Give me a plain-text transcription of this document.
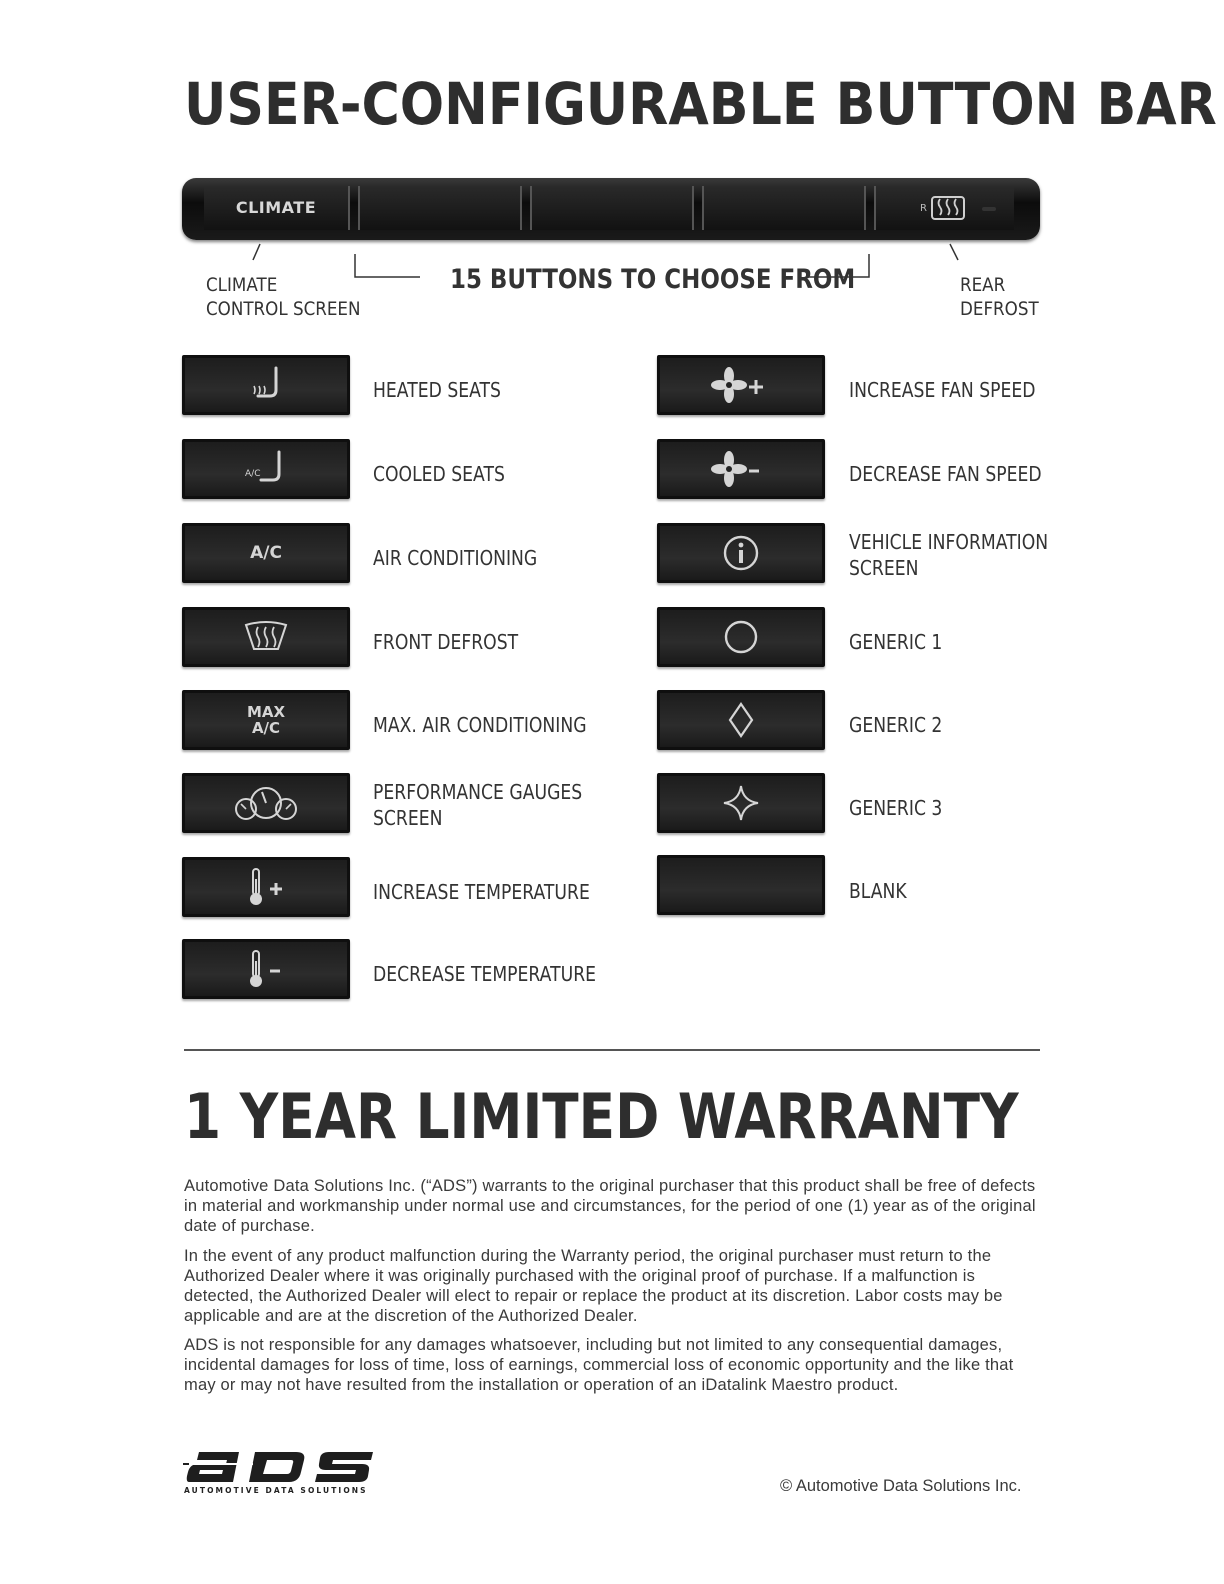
USER-CONFIGURABLE BUTTON BAR
CLIMATE	R
CLIMATE
CONTROL SCREEN
15 BUTTONS TO CHOOSE FROM	REAR
DEFROST
HEATED SEATS
A/C	COOLED SEATS
A/C	AIR CONDITIONING
FRONT DEFROST
MAX
A/C	MAX. AIR CONDITIONING
PERFORMANCE GAUGES
SCREEN
INCREASE TEMPERATURE
DECREASE TEMPERATURE
INCREASE FAN SPEED
DECREASE FAN SPEED
VEHICLE INFORMATION
SCREEN
GENERIC 1
GENERIC 2
GENERIC 3
BLANK
1 YEAR LIMITED WARRANTY

Automotive Data Solutions Inc. (“ADS”) warrants to the original purchaser that this product shall be free of defects in material and workmanship under normal use and circumstances, for the period of one (1) year as of the original date of purchase.

In the event of any product malfunction during the Warranty period, the original purchaser must return to the Authorized Dealer where it was originally purchased with the original proof of purchase. If a malfunction is detected, the Authorized Dealer will elect to repair or replace the product at its discretion. Labor costs may be applicable and are at the discretion of the Authorized Dealer.

ADS is not responsible for any damages whatsoever, including but not limited to any consequential damages, incidental damages for loss of time, loss of earnings, commercial loss of economic opportunity and the like that may or may not have resulted from the installation or operation of an iDatalink Maestro product.

AUTOMOTIVE DATA SOLUTIONS	© Automotive Data Solutions Inc.
